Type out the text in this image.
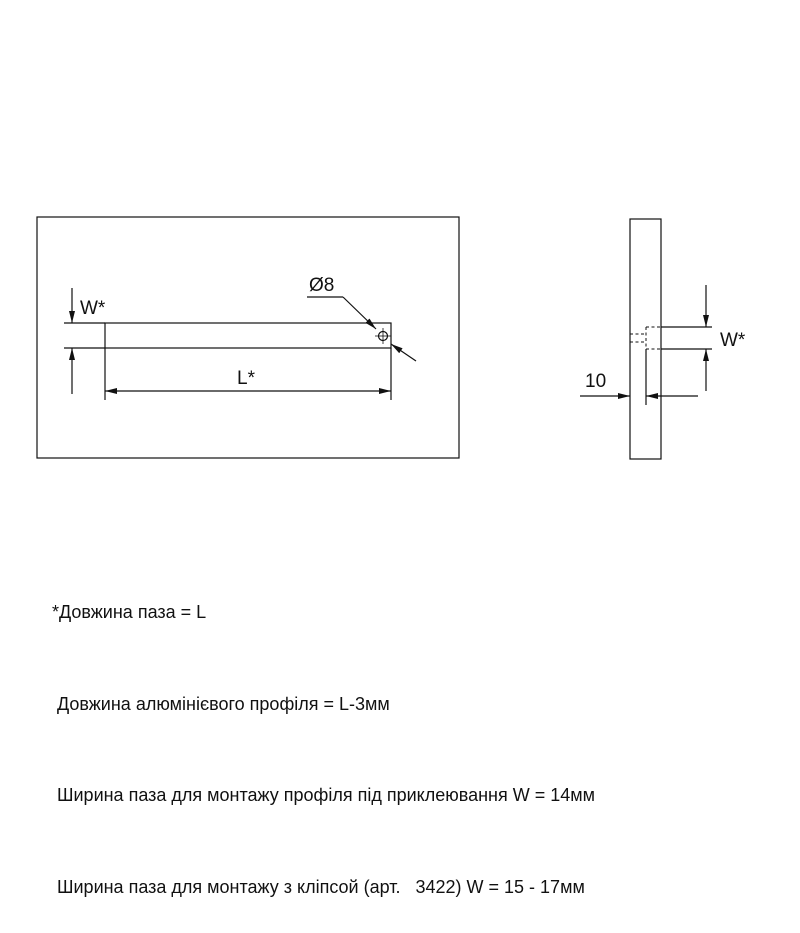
W*
Ø8
L*
W*
10

*Довжина паза = L

Довжина алюмінієвого профіля = L-3мм

Ширина паза для монтажу профіля під приклеювання W = 14мм

Ширина паза для монтажу з кліпсой (арт.   3422) W = 15 - 17мм
